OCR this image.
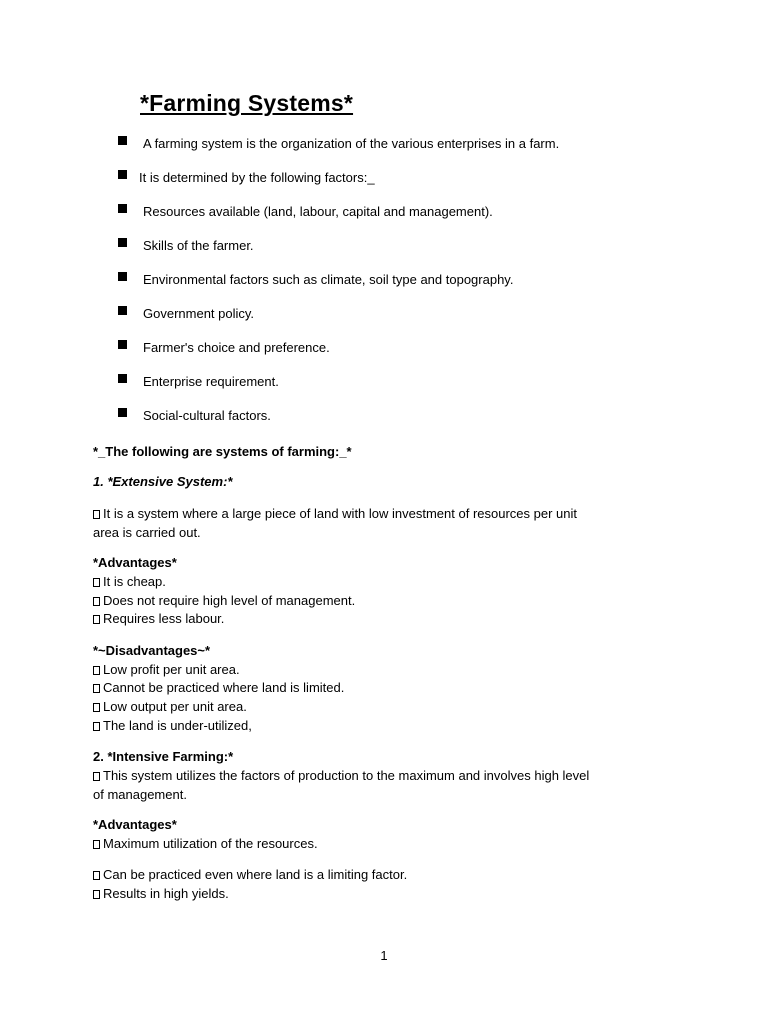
*Farming Systems*
A farming system is the organization of the various enterprises in a farm.
It is determined by the following factors:_
Resources available (land, labour, capital and management).
Skills of the farmer.
Environmental factors such as climate, soil type and topography.
Government policy.
Farmer's choice and preference.
Enterprise requirement.
Social-cultural factors.

*_The following are systems of farming:_*

1. *Extensive System:*

It is a system where a large piece of land with low investment of resources per unit

area is carried out.

*Advantages*

It is cheap.

Does not require high level of management.

Requires less labour.

*~Disadvantages~*

Low profit per unit area.

Cannot be practiced where land is limited.

Low output per unit area.

The land is under-utilized,

2. *Intensive Farming:*

This system utilizes the factors of production to the maximum and involves high level

of management.

*Advantages*

Maximum utilization of the resources.

Can be practiced even where land is a limiting factor.

Results in high yields.

1
